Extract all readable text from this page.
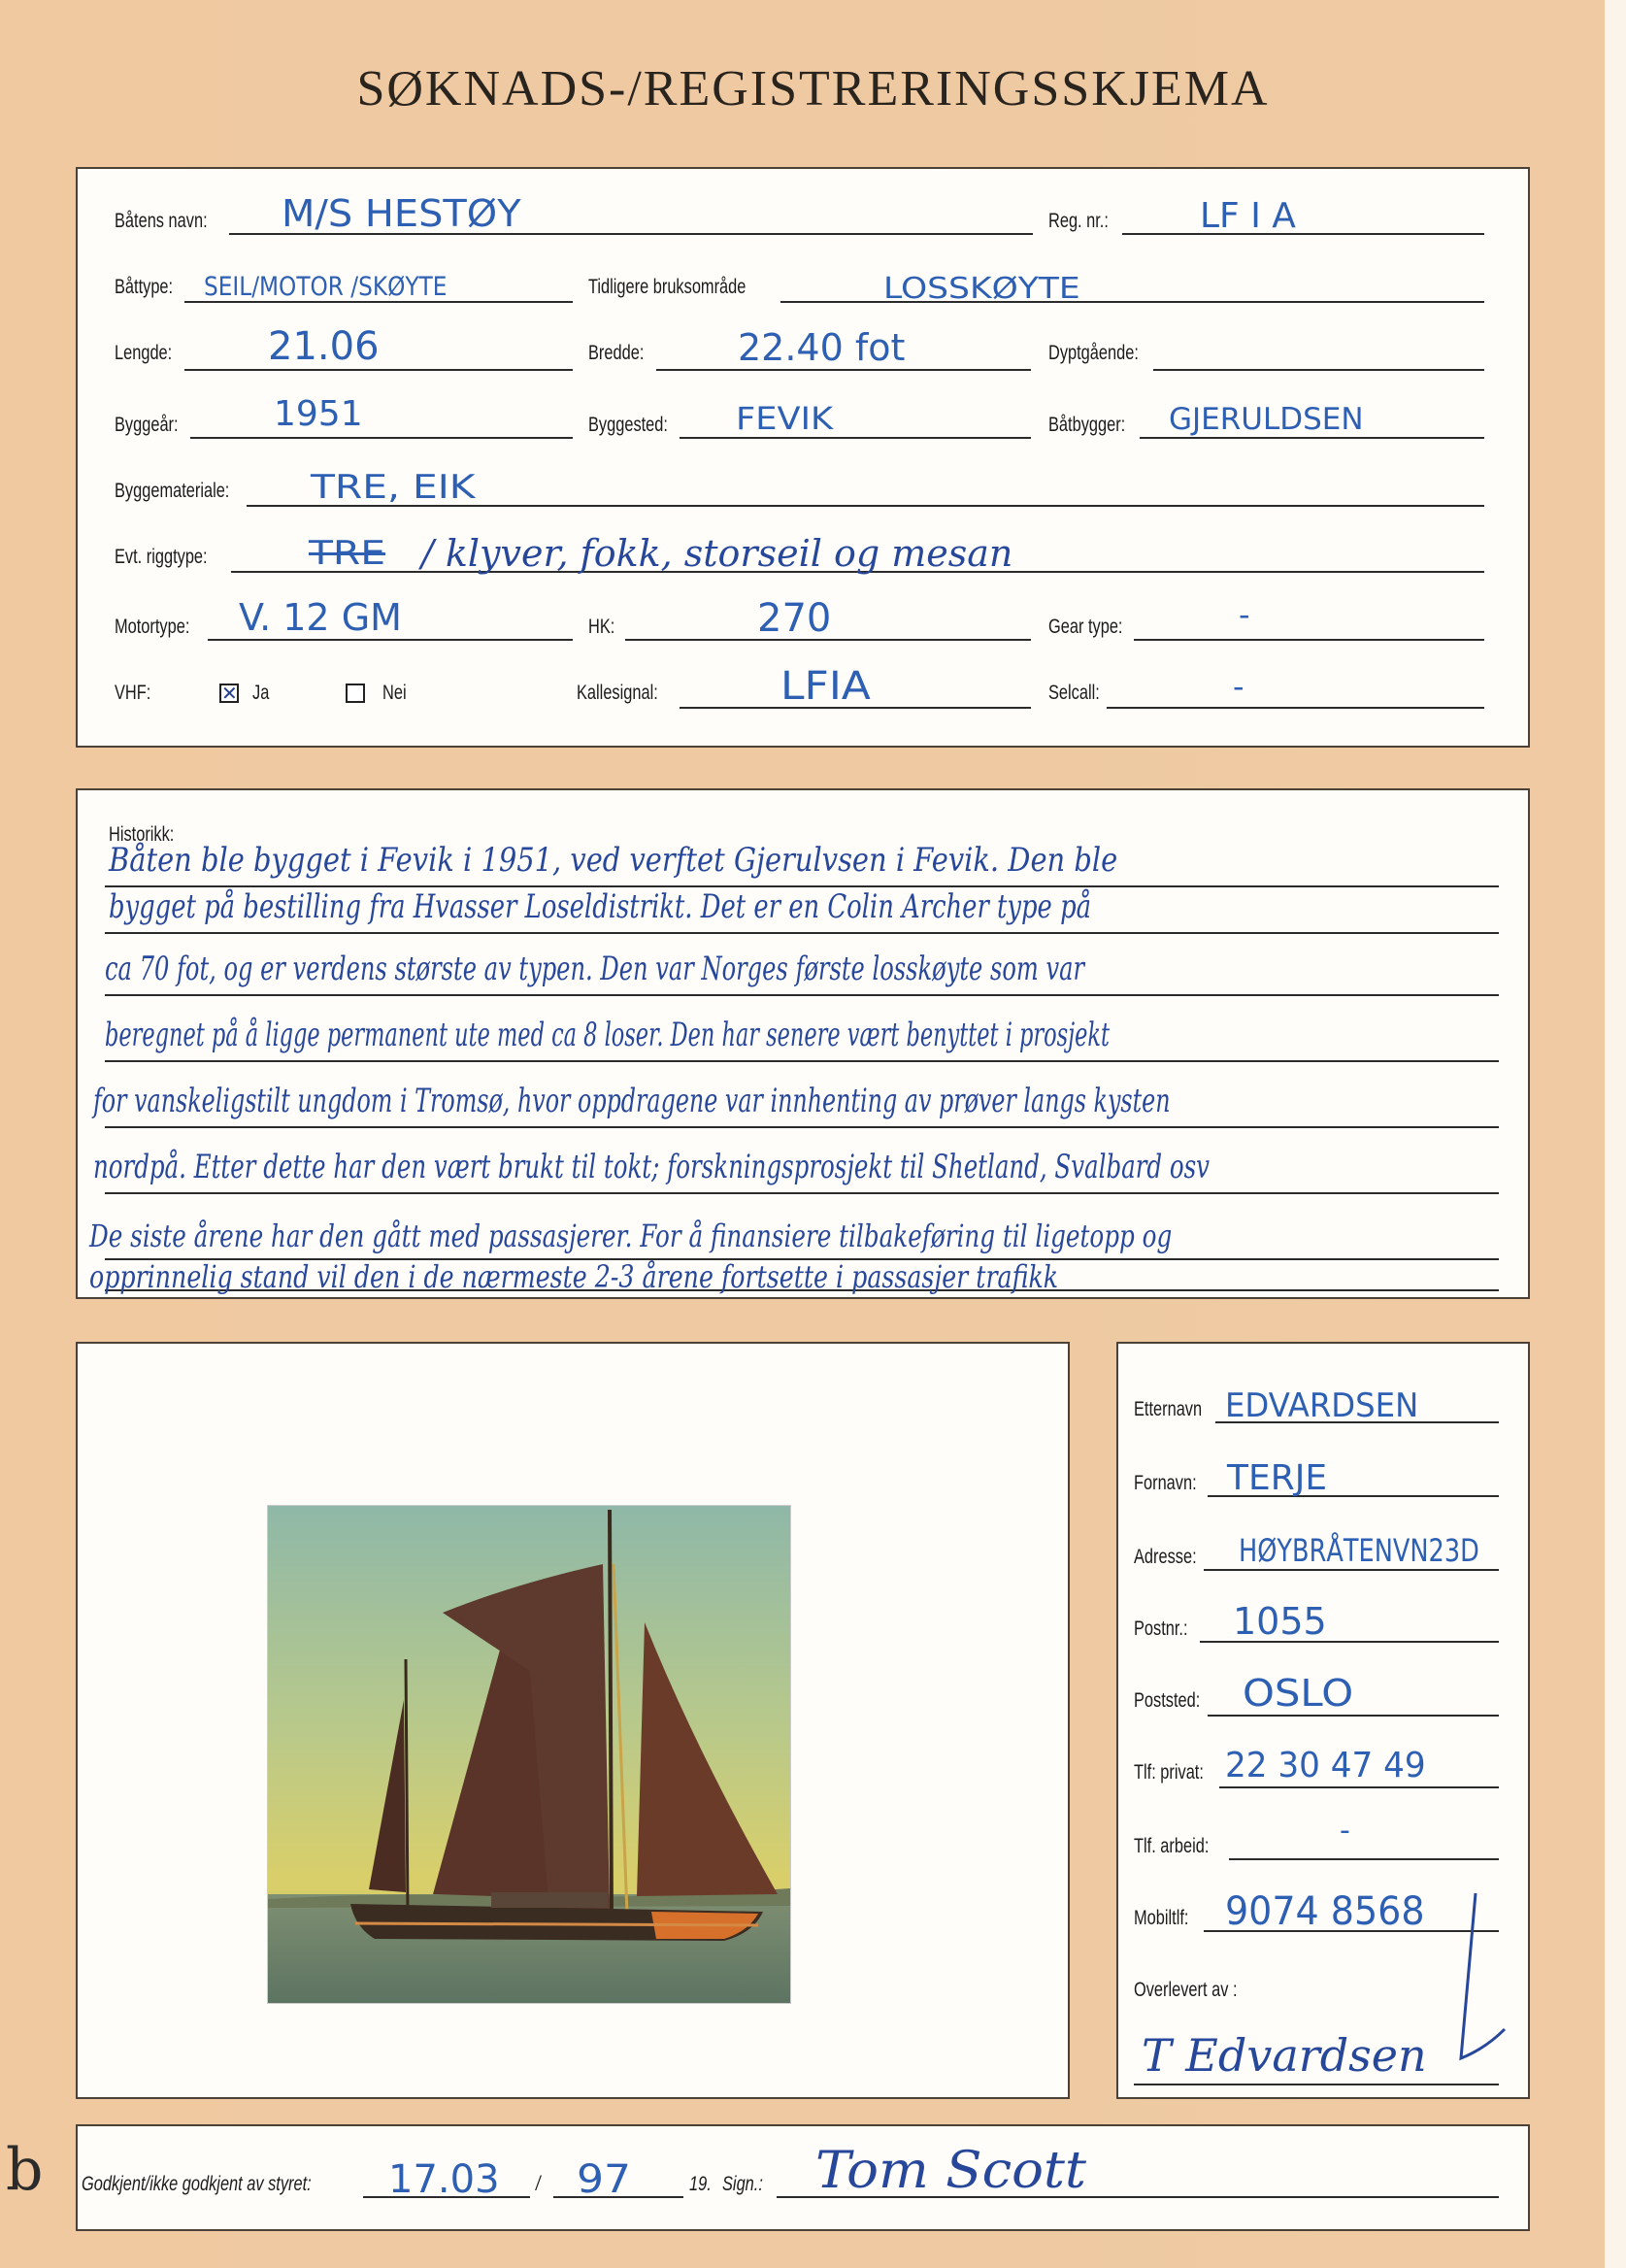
SØKNADS-/REGISTRERINGSSKJEMA
Båtens navn: M/S HESTØY	Reg. nr.:	LF I A
Båttype: SEIL/MOTOR /SKØYTE	Tidligere bruksområde	LOSSKØYTE
Lengde: 21.06	Bredde:	22.40 fot	Dyptgående:
Byggeår:	1951	Byggested: FEVIK	Båtbygger: GJERULDSEN
Byggemateriale: TRE, EIK
Evt. riggtype:	TRE / klyver, fokk, storseil og mesan
Motortype: V. 12 GM	HK:	270	Gear type:	-
VHF:
✕	Ja	Nei	Kallesignal:	LFIA	Selcall:	-
Historikk:
Båten ble bygget i Fevik i 1951, ved verftet Gjerulvsen i Fevik. Den ble
bygget på bestilling fra Hvasser Loseldistrikt. Det er en Colin Archer type på
ca 70 fot, og er verdens største av typen. Den var Norges første losskøyte som var
beregnet på å ligge permanent ute med ca 8 loser. Den har senere vært benyttet i prosjekt
for vanskeligstilt ungdom i Tromsø, hvor oppdragene var innhenting av prøver langs kysten
nordpå. Etter dette har den vært brukt til tokt; forskningsprosjekt til Shetland, Svalbard osv
De siste årene har den gått med passasjerer. For å finansiere tilbakeføring til ligetopp og
opprinnelig stand vil den i de nærmeste 2-3 årene fortsette i passasjer trafikk
Etternavn EDVARDSEN
Fornavn: TERJE
Adresse: HØYBRÅTENVN23D
Postnr.: 1055
Poststed: OSLO
Tlf: privat: 22 30 47 49
Tlf. arbeid:	-
Mobiltlf: 9074 8568
Overlevert av :
T Edvardsen
Godkjent/ikke godkjent av styret: 17.03 / 97	19. Sign.: Tom Scott
b
